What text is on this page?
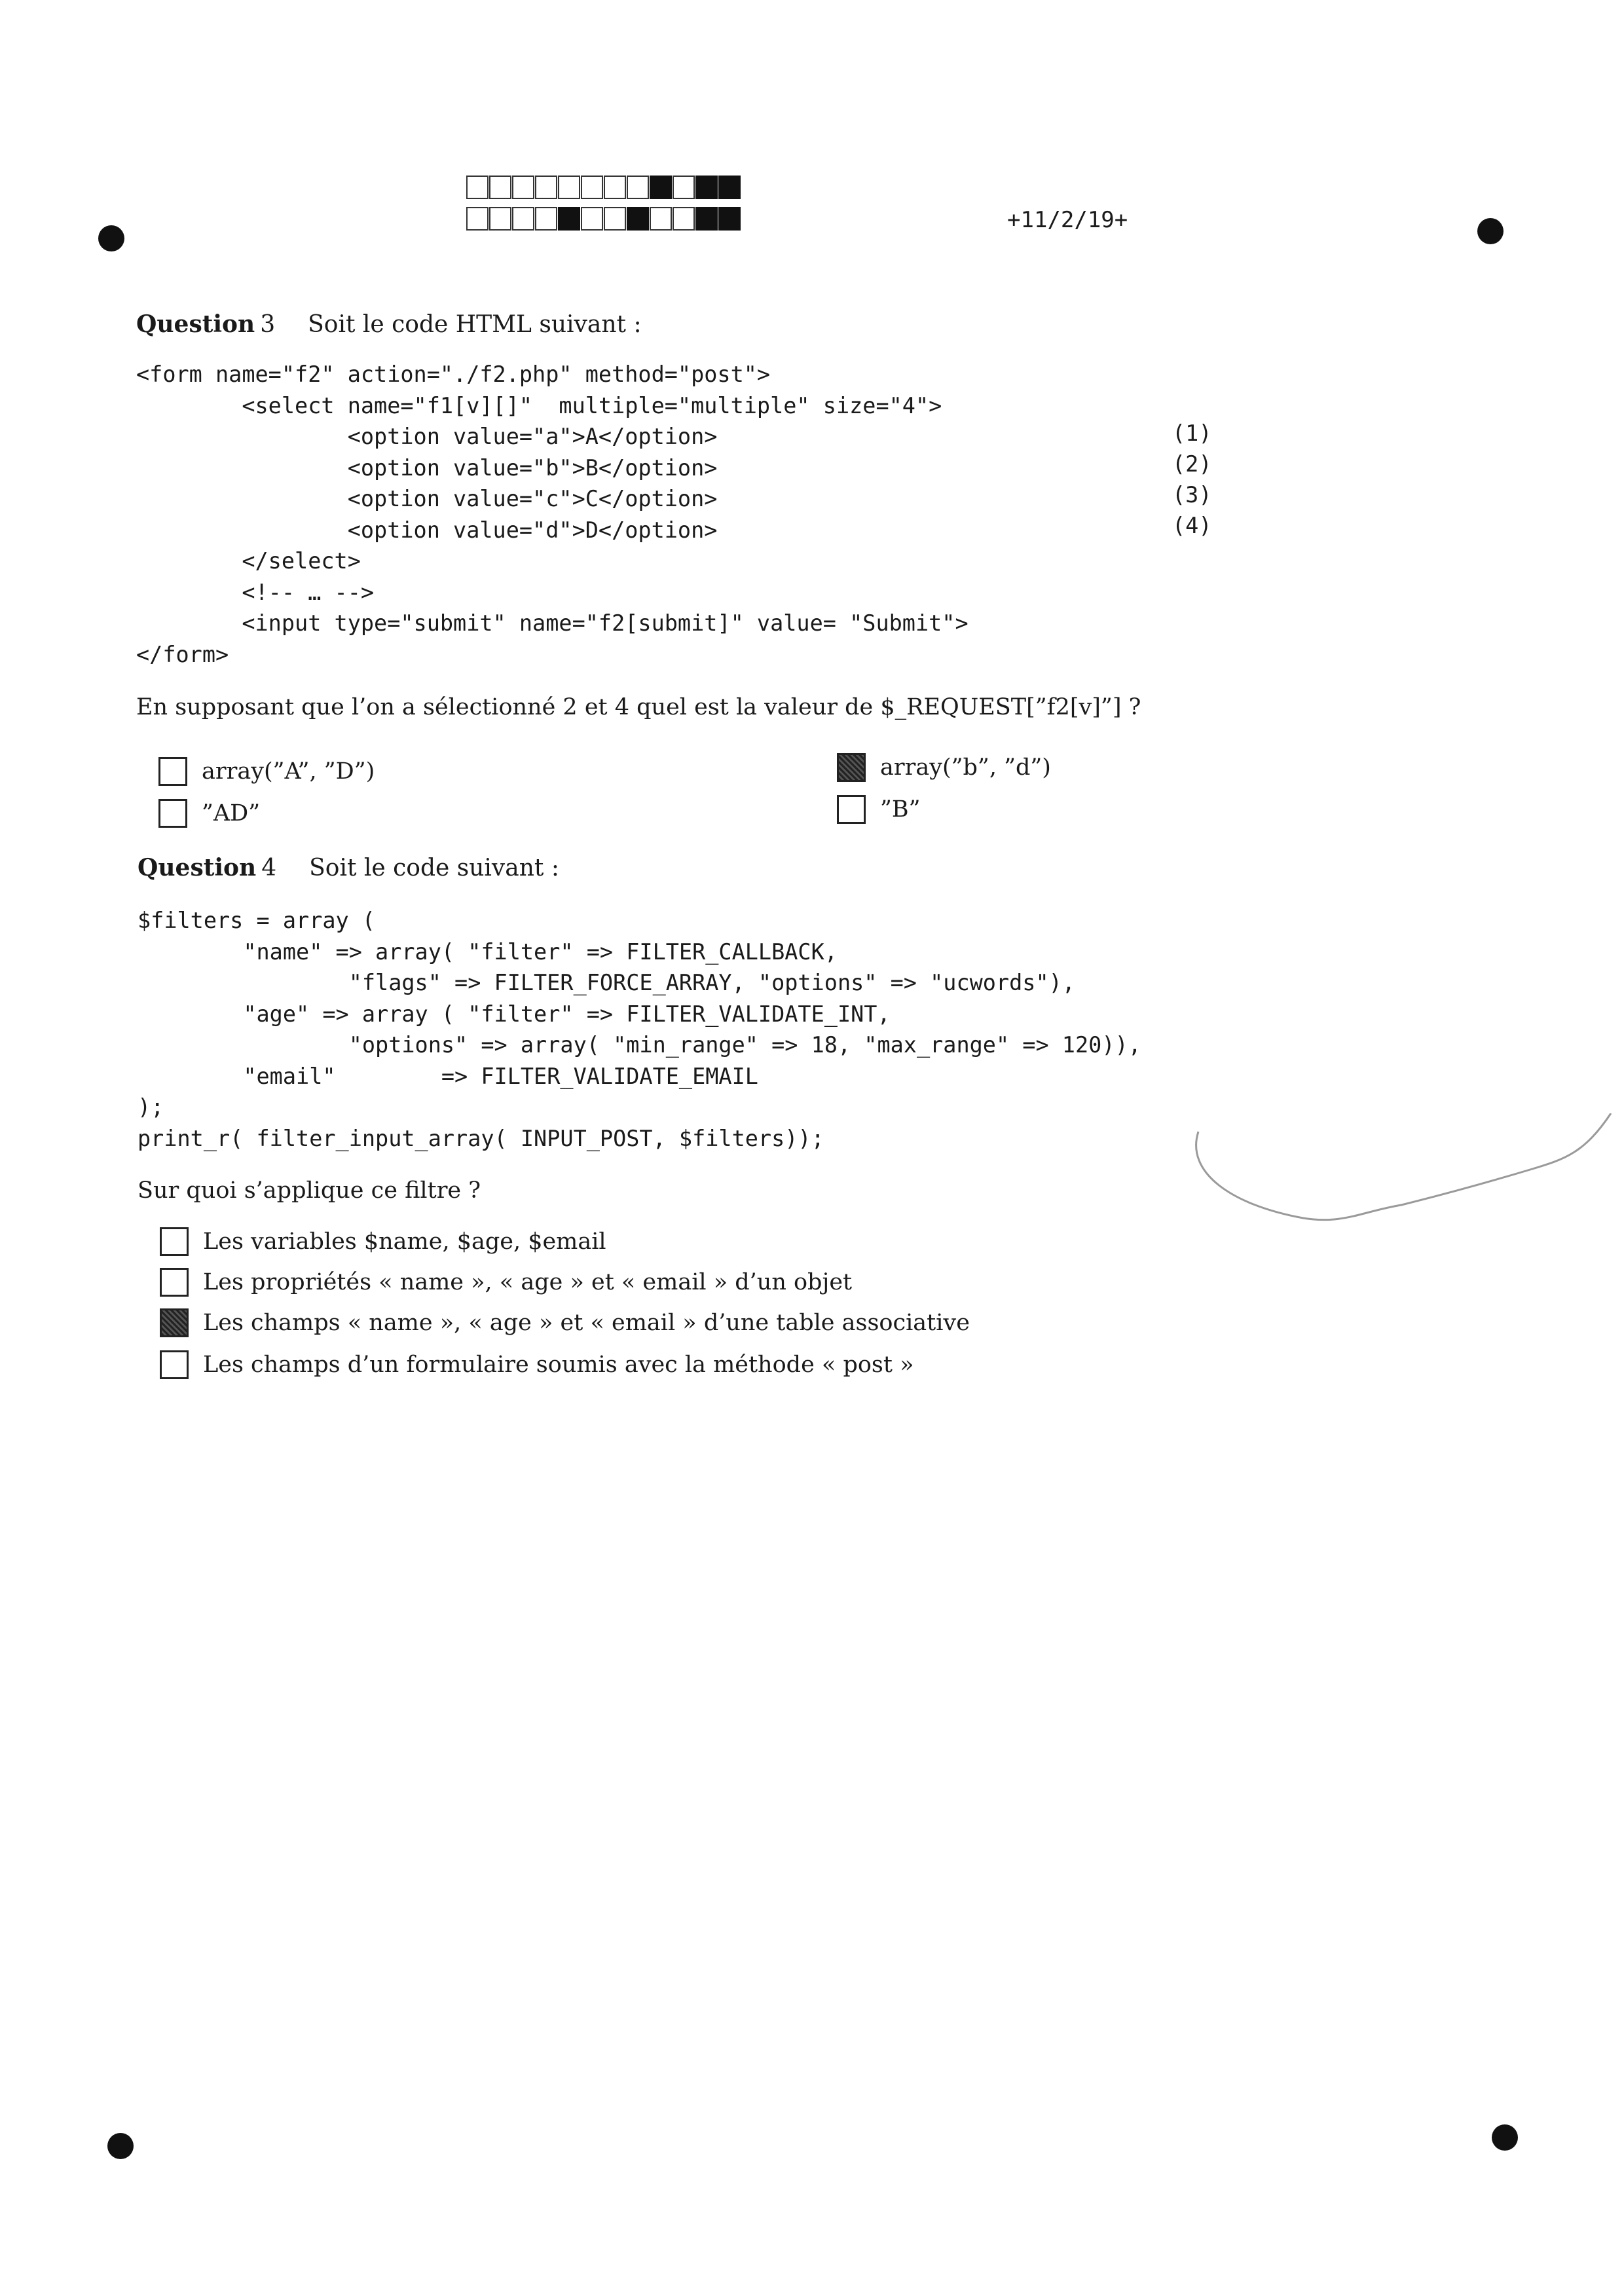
+11/2/19+
Question 3 Soit le code HTML suivant :
<form name="f2" action="./f2.php" method="post">
<select name="f1[v][]"  multiple="multiple" size="4">
<option value="a">A</option>
<option value="b">B</option>
<option value="c">C</option>
<option value="d">D</option>
</select>
<!-- … -->
<input type="submit" name="f2[submit]" value= "Submit">
</form>
(1)
(2)
(3)
(4)
En supposant que l’on a sélectionné 2 et 4 quel est la valeur de $_REQUEST[”f2[v]”] ?
array(”A”, ”D”)	array(”b”, ”d”)
”AD”	”B”
Question 4 Soit le code suivant :
$filters = array (
"name" => array( "filter" => FILTER_CALLBACK,
"flags" => FILTER_FORCE_ARRAY, "options" => "ucwords"),
"age" => array ( "filter" => FILTER_VALIDATE_INT,
"options" => array( "min_range" => 18, "max_range" => 120)),
"email"        => FILTER_VALIDATE_EMAIL
);
print_r( filter_input_array( INPUT_POST, $filters));
Sur quoi s’applique ce filtre ?
Les variables $name, $age, $email
Les propriétés « name », « age » et « email » d’un objet
Les champs « name », « age » et « email » d’une table associative
Les champs d’un formulaire soumis avec la méthode « post »
